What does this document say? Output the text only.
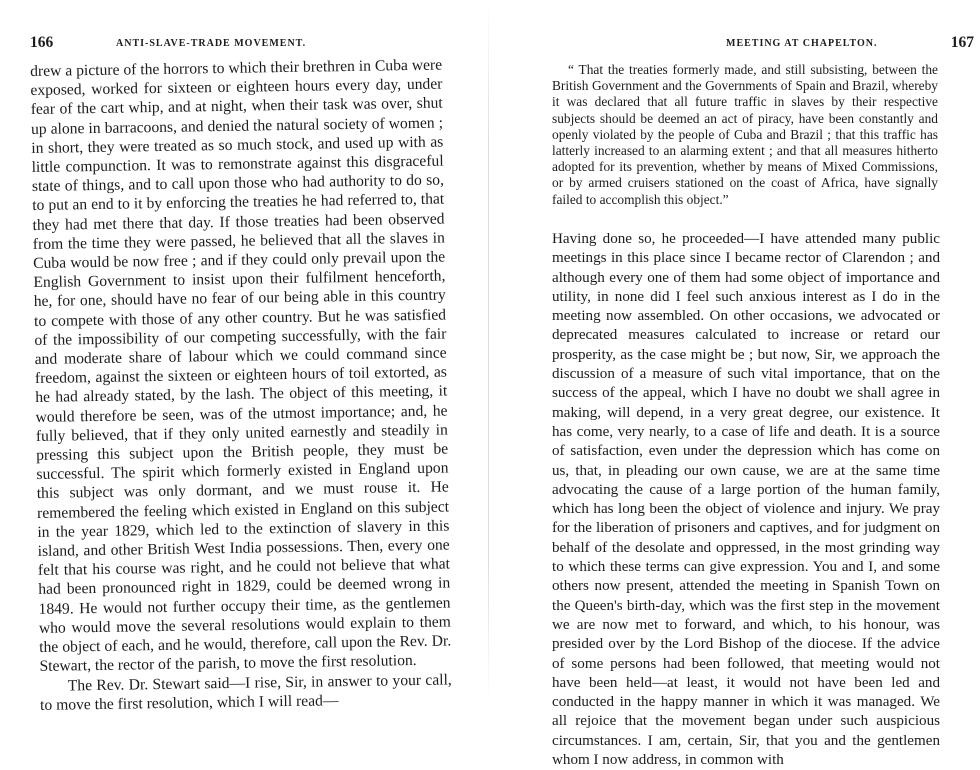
166	ANTI-SLAVE-TRADE MOVEMENT.

drew a picture of the horrors to which their brethren in Cuba were exposed, worked for sixteen or eighteen hours every day, under fear of the cart whip, and at night, when their task was over, shut up alone in barracoons, and denied the natural society of women ; in short, they were treated as so much stock, and used up with as little compunction. It was to remonstrate against this disgraceful state of things, and to call upon those who had authority to do so, to put an end to it by enforcing the treaties he had referred to, that they had met there that day. If those treaties had been observed from the time they were passed, he believed that all the slaves in Cuba would be now free ; and if they could only prevail upon the English Government to insist upon their fulfilment henceforth, he, for one, should have no fear of our being able in this country to compete with those of any other country. But he was satisfied of the impossibility of our competing successfully, with the fair and moderate share of labour which we could command since freedom, against the sixteen or eighteen hours of toil extorted, as he had already stated, by the lash. The object of this meeting, it would therefore be seen, was of the utmost importance; and, he fully believed, that if they only united earnestly and steadily in pressing this subject upon the British people, they must be successful. The spirit which formerly existed in England upon this subject was only dormant, and we must rouse it. He remembered the feeling which existed in England on this subject in the year 1829, which led to the extinction of slavery in this island, and other British West India possessions. Then, every one felt that his course was right, and he could not believe that what had been pronounced right in 1829, could be deemed wrong in 1849. He would not further occupy their time, as the gentlemen who would move the several resolutions would explain to them the object of each, and he would, therefore, call upon the Rev. Dr. Stewart, the rector of the parish, to move the first resolution.

The Rev. Dr. Stewart said—I rise, Sir, in answer to your call, to move the first resolution, which I will read—

MEETING AT CHAPELTON.	167

“ That the treaties formerly made, and still subsisting, between the British Government and the Governments of Spain and Brazil, whereby it was declared that all future traffic in slaves by their respective subjects should be deemed an act of piracy, have been constantly and openly violated by the people of Cuba and Brazil ; that this traffic has latterly increased to an alarming extent ; and that all measures hitherto adopted for its prevention, whether by means of Mixed Commissions, or by armed cruisers stationed on the coast of Africa, have signally failed to accomplish this object.”

Having done so, he proceeded—I have attended many public meetings in this place since I became rector of Clarendon ; and although every one of them had some object of importance and utility, in none did I feel such anxious interest as I do in the meeting now assembled. On other occasions, we advocated or deprecated measures calculated to increase or retard our prosperity, as the case might be ; but now, Sir, we approach the discussion of a measure of such vital importance, that on the success of the appeal, which I have no doubt we shall agree in making, will depend, in a very great degree, our existence. It has come, very nearly, to a case of life and death. It is a source of satisfaction, even under the depression which has come on us, that, in pleading our own cause, we are at the same time advocating the cause of a large portion of the human family, which has long been the object of violence and injury. We pray for the liberation of prisoners and captives, and for judgment on behalf of the desolate and oppressed, in the most grinding way to which these terms can give expression. You and I, and some others now present, attended the meeting in Spanish Town on the Queen's birth-day, which was the first step in the movement we are now met to forward, and which, to his honour, was presided over by the Lord Bishop of the diocese. If the advice of some persons had been followed, that meeting would not have been held—at least, it would not have been led and conducted in the happy manner in which it was managed. We all rejoice that the movement began under such auspicious circumstances. I am, certain, Sir, that you and the gentlemen whom I now address, in common with
